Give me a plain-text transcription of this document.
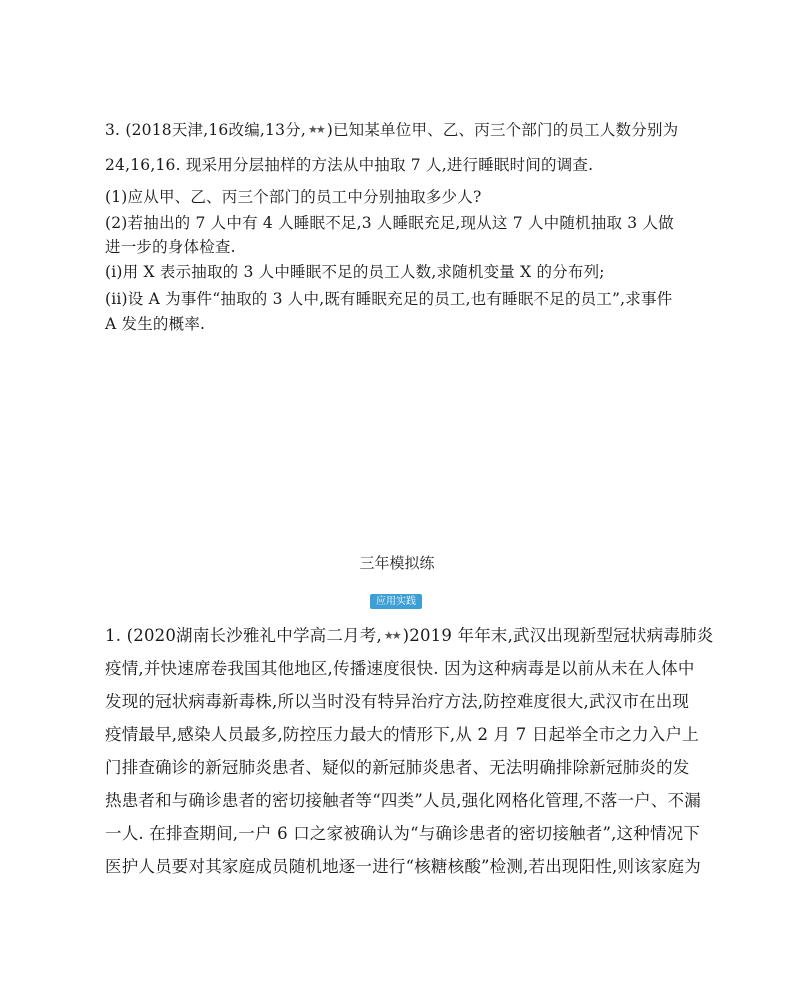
3. (2018天津,16改编,13分, ★★ )已知某单位甲、乙、丙三个部门的员工人数分别为
24,16,16. 现采用分层抽样的方法从中抽取 7 人,进行睡眠时间的调查.
(1)应从甲、乙、丙三个部门的员工中分别抽取多少人?
(2)若抽出的 7 人中有 4 人睡眠不足,3 人睡眠充足,现从这 7 人中随机抽取 3 人做
进一步的身体检查.
(i)用 X 表示抽取的 3 人中睡眠不足的员工人数,求随机变量 X 的分布列;
(ii)设 A 为事件“抽取的 3 人中,既有睡眠充足的员工,也有睡眠不足的员工”,求事件
A 发生的概率.
三年模拟练
应用实践
1. (2020湖南长沙雅礼中学高二月考, ★★ )2019 年年末,武汉出现新型冠状病毒肺炎
疫情,并快速席卷我国其他地区,传播速度很快. 因为这种病毒是以前从未在人体中
发现的冠状病毒新毒株,所以当时没有特异治疗方法,防控难度很大,武汉市在出现
疫情最早,感染人员最多,防控压力最大的情形下,从 2 月 7 日起举全市之力入户上
门排查确诊的新冠肺炎患者、疑似的新冠肺炎患者、无法明确排除新冠肺炎的发
热患者和与确诊患者的密切接触者等“四类”人员,强化网格化管理,不落一户、不漏
一人. 在排查期间,一户 6 口之家被确认为“与确诊患者的密切接触者”,这种情况下
医护人员要对其家庭成员随机地逐一进行“核糖核酸”检测,若出现阳性,则该家庭为
